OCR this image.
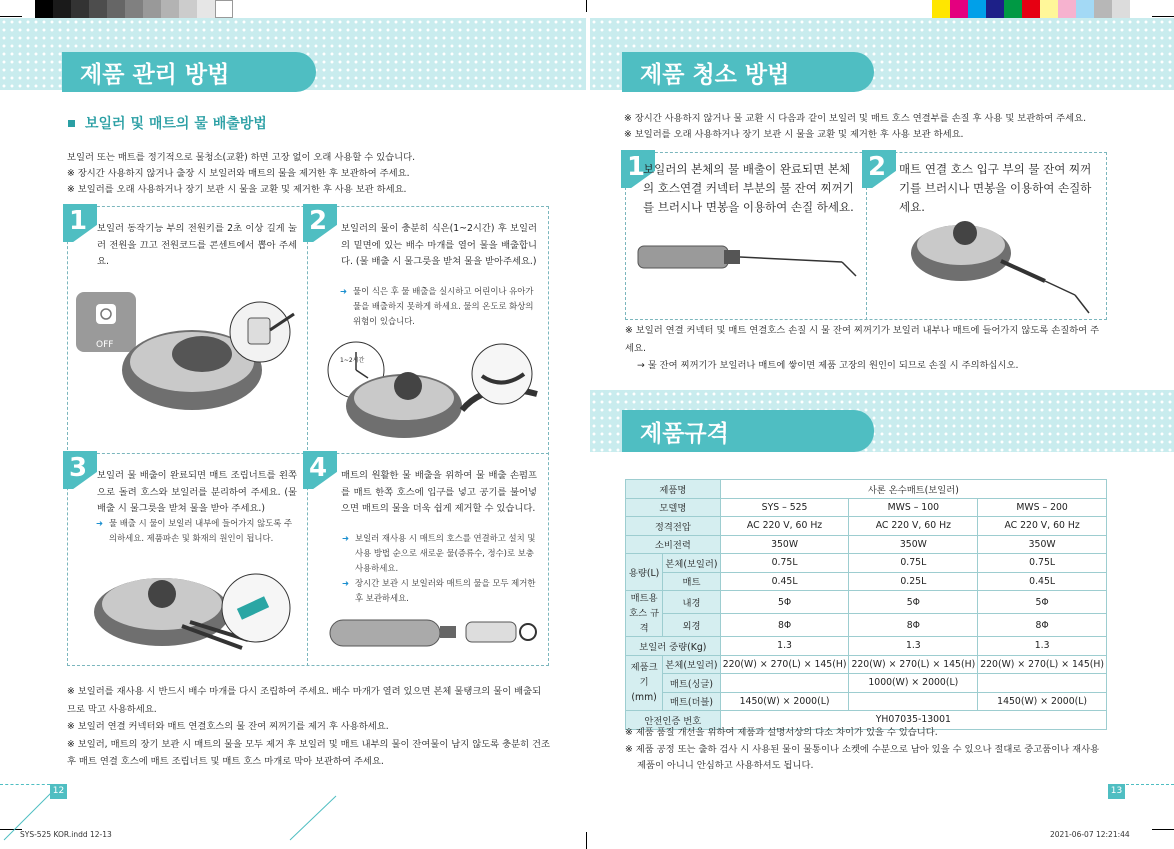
제품 관리 방법
보일러 및 매트의 물 배출방법
보일러 또는 매트를 정기적으로 물청소(교환) 하면 고장 없이 오래 사용할 수 있습니다.
※ 장시간 사용하지 않거나 출장 시 보일러와 매트의 물을 제거한 후 보관하여 주세요.
※ 보일러를 오래 사용하거나 장기 보관 시 물을 교환 및 제거한 후 사용 보관 하세요.
1	보일러 동작기능 부의 전원키를 2초 이상 길게 눌러 전원을 끄고 전원코드를 콘센트에서 뽑아 주세요.
OFF
2	보일러의 물이 충분히 식은(1~2시간) 후 보일러의 밑면에 있는 배수 마개를 열어 물을 배출합니다. (물 배출 시 물그릇을 받쳐 물을 받아주세요.)
➜ 물이 식은 후 물 배출을 실시하고 어린이나 유아가 물을 배출하지 못하게 하세요. 물의 온도로 화상의 위험이 있습니다.
1~2시간
3	보일러 물 배출이 완료되면 매트 조립너트를 왼쪽으로 돌려 호스와 보일러를 분리하여 주세요. (물 배출 시 물그릇을 받쳐 물을 받아 주세요.)
➜ 물 배출 시 물이 보일러 내부에 들어가지 않도록 주의하세요. 제품파손 및 화재의 원인이 됩니다.
4	매트의 원활한 물 배출을 위하여 물 배출 손펌프를 매트 한쪽 호스에 입구를 넣고 공기를 불어넣으면 매트의 물을 더욱 쉽게 제거할 수 있습니다.
➜ 보일러 재사용 시 매트의 호스를 연결하고 설치 및 사용 방법 순으로 새로운 물(증류수, 정수)로 보충 사용하세요.
➜ 장시간 보관 시 보일러와 매트의 물을 모두 제거한 후 보관하세요.
※ 보일러를 재사용 시 반드시 배수 마개를 다시 조립하여 주세요. 배수 마개가 열려 있으면 본체 물탱크의 물이 배출되므로 막고 사용하세요.
※ 보일러 연결 커넥터와 매트 연결호스의 물 잔여 찌꺼기를 제거 후 사용하세요.
※ 보일러, 매트의 장기 보관 시 매트의 물을 모두 제거 후 보일러 및 매트 내부의 물이 잔여물이 남지 않도록 충분히 건조 후 매트 연결 호스에 매트 조립너트 및 매트 호스 마개로 막아 보관하여 주세요.
12
SYS-525 KOR.indd 12-13
제품 청소 방법
※ 장시간 사용하지 않거나 물 교환 시 다음과 같이 보일러 및 매트 호스 연결부를 손질 후 사용 및 보관하여 주세요.
※ 보일러를 오래 사용하거나 장기 보관 시 물을 교환 및 제거한 후 사용 보관 하세요.
1
보일러의 본체의 물 배출이 완료되면 본체의 호스연결 커넥터 부분의 물 잔여 찌꺼기를 브러시나 면봉을 이용하여 손질 하세요.
2	매트 연결 호스 입구 부의 물 잔여 찌꺼기를 브러시나 면봉을 이용하여 손질하세요.
※ 보일러 연결 커넥터 및 매트 연결호스 손질 시 물 잔여 찌꺼기가 보일러 내부나 매트에 들어가지 않도록 손질하여 주세요.
→ 물 잔여 찌꺼기가 보일러나 매트에 쌓이면 제품 고장의 원인이 되므로 손질 시 주의하십시오.
제품규격
제품명		사론 온수매트(보일러)		
모델명		SYS – 525	MWS – 100	MWS – 200
정격전압		AC 220 V, 60 Hz	AC 220 V, 60 Hz	AC 220 V, 60 Hz
소비전력		350W	350W	350W
용량(L)	본체(보일러)	0.75L	0.75L	0.75L
	매트	0.45L	0.25L	0.45L
매트용 호스 규격	내경	5Φ	5Φ	5Φ
	외경	8Φ	8Φ	8Φ
보일러 중량(Kg)		1.3	1.3	1.3
제품크기 (mm)	본체(보일러)	220(W) × 270(L) × 145(H)	220(W) × 270(L) × 145(H)	220(W) × 270(L) × 145(H)
	매트(싱글)		1000(W) × 2000(L)	
	매트(더블)	1450(W) × 2000(L)		1450(W) × 2000(L)
안전인증 번호		YH07035-13001		
※ 제품 품질 개선을 위하여 제품과 설명서상의 다소 차이가 있을 수 있습니다.
※ 제품 공정 또는 출하 검사 시 사용된 물이 물통이나 소켓에 수분으로 남아 있을 수 있으나 절대로 중고품이나 재사용제품이 아니니 안심하고 사용하셔도 됩니다.
13
2021-06-07 12:21:44
